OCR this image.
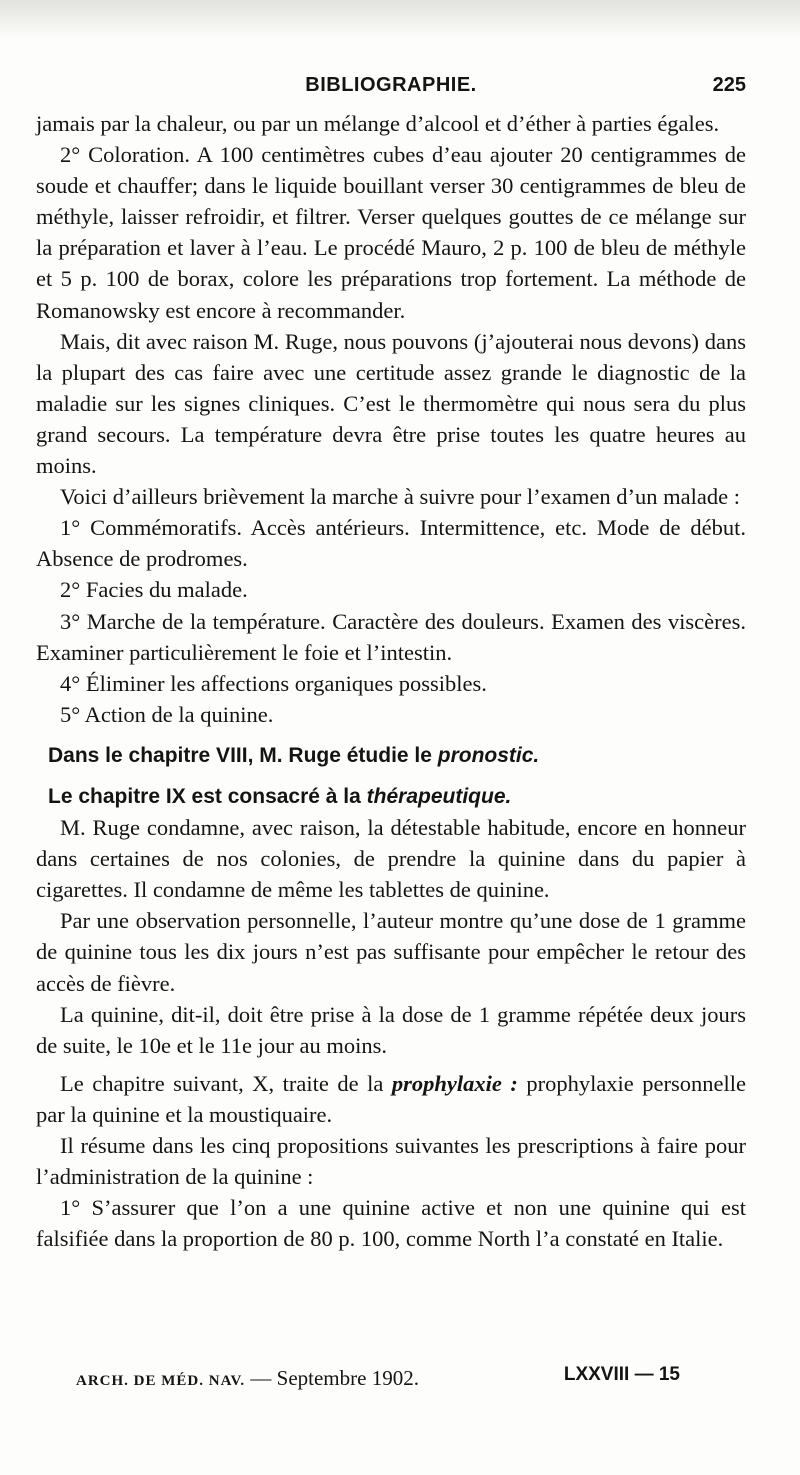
BIBLIOGRAPHIE.	225

jamais par la chaleur, ou par un mélange d’alcool et d’éther à parties égales.

2° Coloration. A 100 centimètres cubes d’eau ajouter 20 centigrammes de soude et chauffer; dans le liquide bouillant verser 30 centigrammes de bleu de méthyle, laisser refroidir, et filtrer. Verser quelques gouttes de ce mélange sur la préparation et laver à l’eau. Le procédé Mauro, 2 p. 100 de bleu de méthyle et 5 p. 100 de borax, colore les préparations trop fortement. La méthode de Romanowsky est encore à recommander.

Mais, dit avec raison M. Ruge, nous pouvons (j’ajouterai nous devons) dans la plupart des cas faire avec une certitude assez grande le diagnostic de la maladie sur les signes cliniques. C’est le thermomètre qui nous sera du plus grand secours. La température devra être prise toutes les quatre heures au moins.

Voici d’ailleurs brièvement la marche à suivre pour l’examen d’un malade :

1° Commémoratifs. Accès antérieurs. Intermittence, etc. Mode de début. Absence de prodromes.

2° Facies du malade.

3° Marche de la température. Caractère des douleurs. Examen des viscères. Examiner particulièrement le foie et l’intestin.

4° Éliminer les affections organiques possibles.

5° Action de la quinine.

Dans le chapitre VIII, M. Ruge étudie le pronostic.

Le chapitre IX est consacré à la thérapeutique.

M. Ruge condamne, avec raison, la détestable habitude, encore en honneur dans certaines de nos colonies, de prendre la quinine dans du papier à cigarettes. Il condamne de même les tablettes de quinine.

Par une observation personnelle, l’auteur montre qu’une dose de 1 gramme de quinine tous les dix jours n’est pas suffisante pour empêcher le retour des accès de fièvre.

La quinine, dit-il, doit être prise à la dose de 1 gramme répétée deux jours de suite, le 10e et le 11e jour au moins.

Le chapitre suivant, X, traite de la prophylaxie : prophylaxie personnelle par la quinine et la moustiquaire.

Il résume dans les cinq propositions suivantes les prescriptions à faire pour l’administration de la quinine :

1° S’assurer que l’on a une quinine active et non une quinine qui est falsifiée dans la proportion de 80 p. 100, comme North l’a constaté en Italie.

ARCH. DE MÉD. NAV. — Septembre 1902.	LXXVIII — 15
